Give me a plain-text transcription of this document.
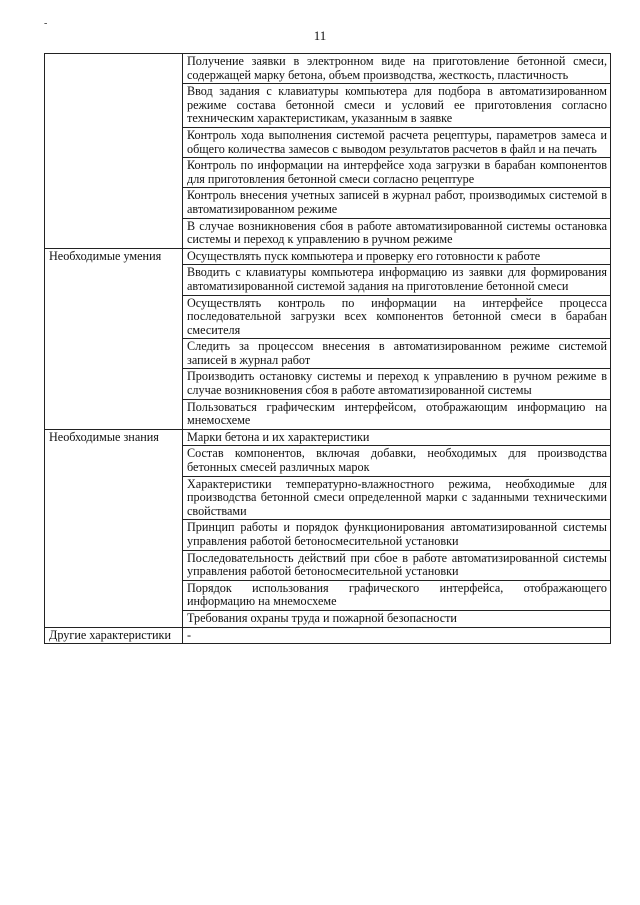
-
11
	Получение заявки в электронном виде на приготовление бетонной смеси, содержащей марку бетона, объем производства, жесткость, пластичность
	Ввод задания с клавиатуры компьютера для подбора в автоматизированном режиме состава бетонной смеси и условий ее приготовления согласно техническим характеристикам, указанным в заявке
	Контроль хода выполнения системой расчета рецептуры, параметров замеса и общего количества замесов с выводом результатов расчетов в файл и на печать
	Контроль по информации на интерфейсе хода загрузки в барабан компонентов для приготовления бетонной смеси согласно рецептуре
	Контроль внесения учетных записей в журнал работ, производимых системой в автоматизированном режиме
	В случае возникновения сбоя в работе автоматизированной системы остановка системы и переход к управлению в ручном режиме
Необходимые умения	Осуществлять пуск компьютера и проверку его готовности к работе
	Вводить с клавиатуры компьютера информацию из заявки для формирования автоматизированной системой задания на приготовление бетонной смеси
	Осуществлять контроль по информации на интерфейсе процесса последовательной загрузки всех компонентов бетонной смеси в барабан смесителя
	Следить за процессом внесения в автоматизированном режиме системой записей в журнал работ
	Производить остановку системы и переход к управлению в ручном режиме в случае возникновения сбоя в работе автоматизированной системы
	Пользоваться графическим интерфейсом, отображающим информацию на мнемосхеме
Необходимые знания	Марки бетона и их характеристики
	Состав компонентов, включая добавки, необходимых для производства бетонных смесей различных марок
	Характеристики температурно-влажностного режима, необходимые для производства бетонной смеси определенной марки с заданными техническими свойствами
	Принцип работы и порядок функционирования автоматизированной системы управления работой бетоносмесительной установки
	Последовательность действий при сбое в работе автоматизированной системы управления работой бетоносмесительной установки
	Порядок использования графического интерфейса, отображающего информацию на мнемосхеме
	Требования охраны труда и пожарной безопасности
Другие характеристики	-
